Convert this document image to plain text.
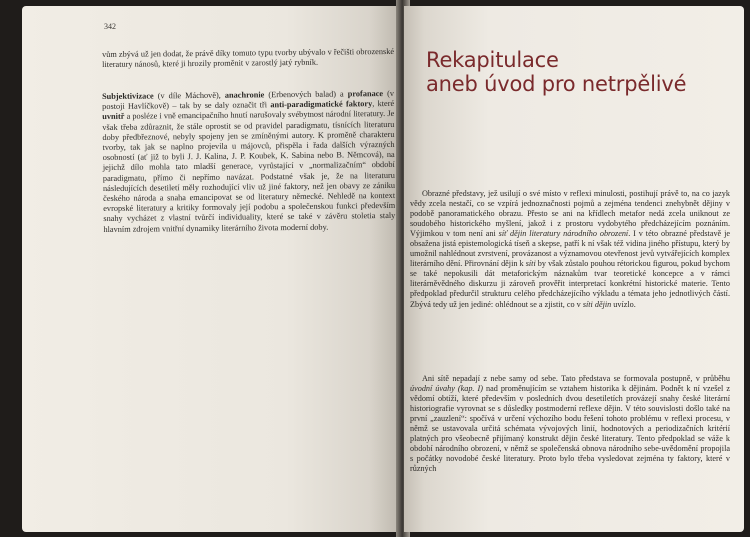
342

vům zbývá už jen dodat, že právě díky tomuto typu tvorby ubývalo v řečišti obrozenské literatury nánosů, které ji hrozily proměnit v zarostlý jatý rybník.

Subjektivizace (v díle Máchově), anachronie (Erbenových balad) a profanace (v postoji Havlíčkově) – tak by se daly označit tři anti-paradigmatické faktory, které uvnitř a posléze i vně emancipačního hnutí narušovaly svébytnost národní literatury. Je však třeba zdůraznit, že stále oprostit se od pravidel paradigmatu, tísnících literaturu doby předbřeznové, nebyly spojeny jen se zmíněnými autory. K proměně charakteru tvorby, tak jak se naplno projevila u májovců, přispěla i řada dalších výrazných osobností (ať již to byli J. J. Kalina, J. P. Koubek, K. Sabina nebo B. Němcová), na jejichž dílo mohla tato mladší generace, vyrůstající v „normalizačním“ období paradigmatu, přímo či nepřímo navázat. Podstatné však je, že na literaturu následujících desetiletí měly rozhodující vliv už jiné faktory, než jen obavy ze zániku českého národa a snaha emancipovat se od literatury německé. Nehledě na kontext evropské literatury a kritiky formovaly její podobu a společenskou funkci především snahy vycházet z vlastní tvůrčí individuality, které se také v závěru stoletia staly hlavním zdrojem vnitřní dynamiky literárního života moderní doby.

Rekapitulace
aneb úvod pro netrpělivé

Obrazné představy, jež usilují o své místo v reflexi minulosti, postihují právě to, na co jazyk vědy zcela nestačí, co se vzpírá jednoznačnosti pojmů a zejména tendenci znehybnět dějiny v podobě panoramatického obrazu. Přesto se ani na křídlech metafor nedá zcela uniknout ze soudobého historického myšlení, jakož i z prostoru vydobytého předcházejícím poznáním. Výjimkou v tom není ani síť dějin literatury národního obrození. I v této obrazné představě je obsažena jistá epistemologická tíseň a skepse, patří k ní však též vidina jiného přístupu, který by umožnil nahlédnout zvrstvení, provázanost a významovou otevřenost jevů vytvářejících komplex literárního dění. Přirovnání dějin k síti by však zůstalo pouhou rétorickou figurou, pokud bychom se také nepokusili dát metaforickým náznakům tvar teoretické koncepce a v rámci literárněvědného diskurzu ji zároveň prověřit interpretací konkrétní historické materie. Tento předpoklad předurčil strukturu celého předcházejícího výkladu a témata jeho jednotlivých částí. Zbývá tedy už jen jediné: ohlédnout se a zjistit, co v síti dějin uvízlo.

Ani sítě nepadají z nebe samy od sebe. Tato představa se formovala postupně, v průběhu úvodní úvahy (kap. I) nad proměnujícím se vztahem historika k dějinám. Podnět k ní vzešel z vědomí obtíží, které především v posledních dvou desetiletích provázejí snahy české literární historiografie vyrovnat se s důsledky postmoderní reflexe dějin. V této souvislosti došlo také na první „zauzlení“: spočívá v určení výchozího bodu řešení tohoto problému v reflexi procesu, v němž se ustavovala určitá schémata vývojových linií, hodnotových a periodizačních kritérií platných pro všeobecně přijímaný konstrukt dějin české literatury. Tento předpoklad se váže k období národního obrození, v němž se společenská obnova národního sebe-uvědomění propojila s počátky novodobé české literatury. Proto bylo třeba vysledovat zejména ty faktory, které v různých
